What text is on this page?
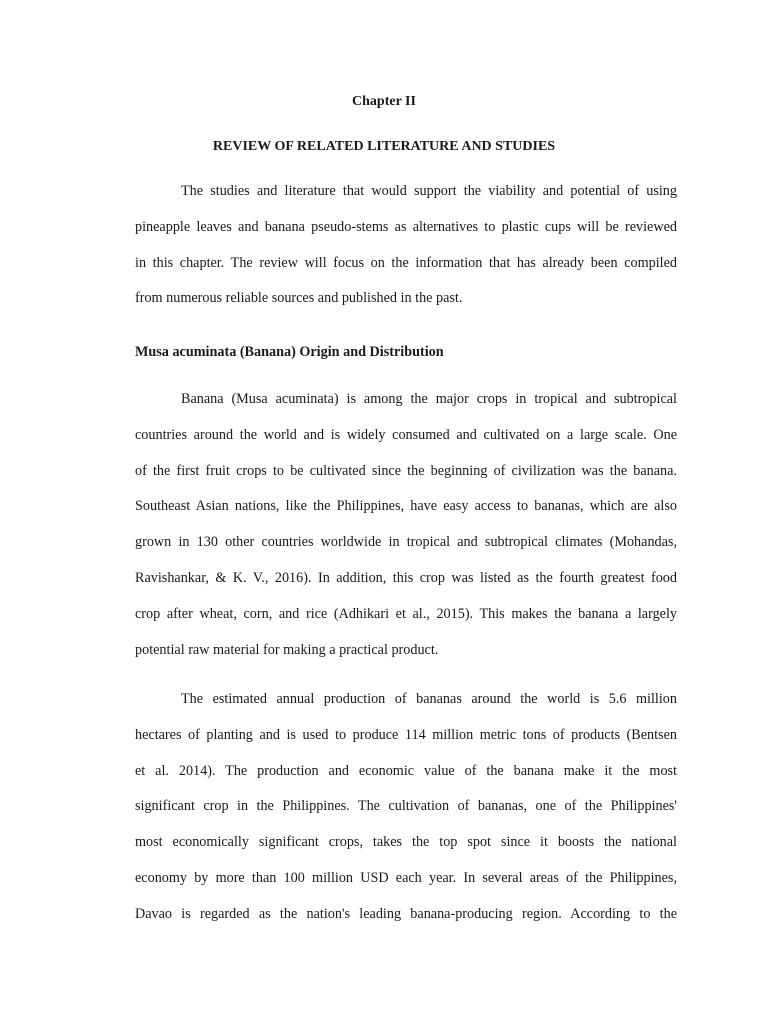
Chapter II

REVIEW OF RELATED LITERATURE AND STUDIES

The studies and literature that would support the viability and potential of using
pineapple leaves and banana pseudo-stems as alternatives to plastic cups will be reviewed
in this chapter. The review will focus on the information that has already been compiled
from numerous reliable sources and published in the past.

Musa acuminata (Banana) Origin and Distribution

Banana (Musa acuminata) is among the major crops in tropical and subtropical
countries around the world and is widely consumed and cultivated on a large scale. One
of the first fruit crops to be cultivated since the beginning of civilization was the banana.
Southeast Asian nations, like the Philippines, have easy access to bananas, which are also
grown in 130 other countries worldwide in tropical and subtropical climates (Mohandas,
Ravishankar, & K. V., 2016). In addition, this crop was listed as the fourth greatest food
crop after wheat, corn, and rice (Adhikari et al., 2015). This makes the banana a largely
potential raw material for making a practical product.
The estimated annual production of bananas around the world is 5.6 million
hectares of planting and is used to produce 114 million metric tons of products (Bentsen
et al. 2014). The production and economic value of the banana make it the most
significant crop in the Philippines. The cultivation of bananas, one of the Philippines'
most economically significant crops, takes the top spot since it boosts the national
economy by more than 100 million USD each year. In several areas of the Philippines,
Davao is regarded as the nation's leading banana-producing region. According to the
